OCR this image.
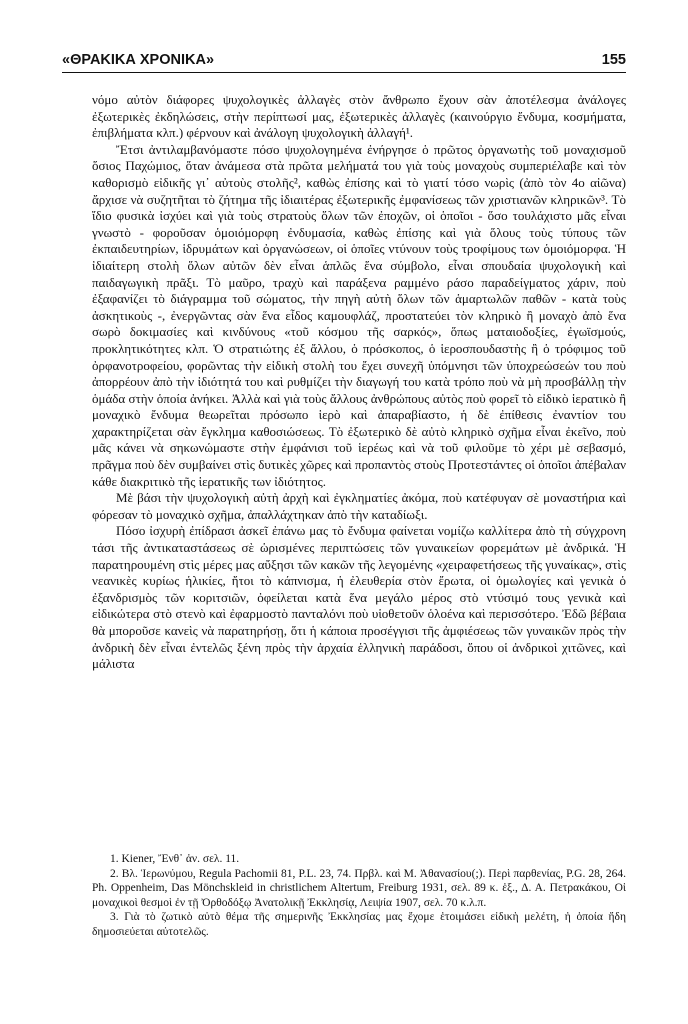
«ΘΡΑΚΙΚΑ ΧΡΟΝΙΚΑ»	155

νόμο αὐτὸν διάφορες ψυχολογικὲς ἀλλαγὲς στὸν ἄνθρωπο ἔχουν σὰν ἀποτέλεσμα ἀνάλογες ἐξωτερικὲς ἐκδηλώσεις, στὴν περίπτωσί μας, ἐξωτερικὲς ἀλλαγὲς (καινούργιο ἔνδυμα, κοσμήματα, ἐπιβλήματα κλπ.) φέρνουν καὶ ἀνάλογη ψυχολογικὴ ἀλλαγή¹.

Ἔτσι ἀντιλαμβανόμαστε πόσο ψυχολογημένα ἐνήργησε ὁ πρῶτος ὀργανωτὴς τοῦ μοναχισμοῦ ὅσιος Παχώμιος, ὅταν ἀνάμεσα στὰ πρῶτα μελήματά του γιὰ τοὺς μοναχοὺς συμπεριέλαβε καὶ τὸν καθορισμὸ εἰδικῆς γι᾿ αὐτοὺς στολῆς², καθὼς ἐπίσης καὶ τὸ γιατί τόσο νωρὶς (ἀπὸ τὸν 4ο αἰῶνα) ἄρχισε νὰ συζητῆται τὸ ζήτημα τῆς ἰδιαιτέρας ἐξωτερικῆς ἐμφανίσεως τῶν χριστιανῶν κληρικῶν³. Τὸ ἴδιο φυσικὰ ἰσχύει καὶ γιὰ τοὺς στρατοὺς ὅλων τῶν ἐποχῶν, οἱ ὁποῖοι - ὅσο τουλάχιστο μᾶς εἶναι γνωστὸ - φοροῦσαν ὁμοιόμορφη ἐνδυμασία, καθὼς ἐπίσης καὶ γιὰ ὅλους τοὺς τύπους τῶν ἐκπαιδευτηρίων, ἱδρυμάτων καὶ ὀργανώσεων, οἱ ὁποῖες ντύνουν τοὺς τροφίμους των ὁμοιόμορφα. Ἡ ἰδιαίτερη στολὴ ὅλων αὐτῶν δὲν εἶναι ἁπλῶς ἕνα σύμβολο, εἶναι σπουδαία ψυχολογικὴ καὶ παιδαγωγικὴ πρᾶξι. Τὸ μαῦρο, τραχὺ καὶ παράξενα ραμμένο ράσο παραδείγματος χάριν, ποὺ ἐξαφανίζει τὸ διάγραμμα τοῦ σώματος, τὴν πηγὴ αὐτὴ ὅλων τῶν ἁμαρτωλῶν παθῶν - κατὰ τοὺς ἀσκητικοὺς -, ἐνεργῶντας σὰν ἕνα εἶδος καμουφλάζ, προστατεύει τὸν κληρικὸ ἢ μοναχὸ ἀπὸ ἕνα σωρὸ δοκιμασίες καὶ κινδύνους «τοῦ κόσμου τῆς σαρκός», ὅπως ματαιοδοξίες, ἐγωϊσμούς, προκλητικότητες κλπ. Ὁ στρατιώτης ἐξ ἄλλου, ὁ πρόσκοπος, ὁ ἱεροσπουδαστὴς ἢ ὁ τρόφιμος τοῦ ὀρφανοτροφείου, φορῶντας τὴν εἰδικὴ στολὴ του ἔχει συνεχῆ ὑπόμνησι τῶν ὑποχρεώσεών του ποὺ ἀπορρέουν ἀπὸ τὴν ἰδιότητά του καὶ ρυθμίζει τὴν διαγωγή του κατὰ τρόπο ποὺ νὰ μὴ προσβάλλῃ τὴν ὁμάδα στὴν ὁποία ἀνήκει. Ἀλλὰ καὶ γιὰ τοὺς ἄλλους ἀνθρώπους αὐτὸς ποὺ φορεῖ τὸ εἰδικὸ ἱερατικὸ ἢ μοναχικὸ ἔνδυμα θεωρεῖται πρόσωπο ἱερὸ καὶ ἀπαραβίαστο, ἡ δὲ ἐπίθεσις ἐναντίον του χαρακτηρίζεται σὰν ἔγκλημα καθοσιώσεως. Τὸ ἐξωτερικὸ δὲ αὐτὸ κληρικὸ σχῆμα εἶναι ἐκεῖνο, ποὺ μᾶς κάνει νὰ σηκωνώμαστε στὴν ἐμφάνισι τοῦ ἱερέως καὶ νὰ τοῦ φιλοῦμε τὸ χέρι μὲ σεβασμό, πρᾶγμα ποὺ δὲν συμβαίνει στὶς δυτικὲς χῶρες καὶ προπαντὸς στοὺς Προτεστάντες οἱ ὁποῖοι ἀπέβαλαν κάθε διακριτικὸ τῆς ἱερατικῆς των ἰδιότητος.

Μὲ βάσι τὴν ψυχολογικὴ αὐτὴ ἀρχὴ καὶ ἐγκληματίες ἀκόμα, ποὺ κατέφυγαν σὲ μοναστήρια καὶ φόρεσαν τὸ μοναχικὸ σχῆμα, ἀπαλλάχτηκαν ἀπὸ τὴν καταδίωξι.

Πόσο ἰσχυρὴ ἐπίδρασι ἀσκεῖ ἐπάνω μας τὸ ἔνδυμα φαίνεται νομίζω καλλίτερα ἀπὸ τὴ σύγχρονη τάσι τῆς ἀντικαταστάσεως σὲ ὡρισμένες περιπτώσεις τῶν γυναικείων φορεμάτων μὲ ἀνδρικά. Ἡ παρατηρουμένη στὶς μέρες μας αὔξησι τῶν κακῶν τῆς λεγομένης «χειραφετήσεως τῆς γυναίκας», στὶς νεανικὲς κυρίως ἡλικίες, ἤτοι τὸ κάπνισμα, ἡ ἐλευθερία στὸν ἔρωτα, οἱ ὁμωλογίες καὶ γενικὰ ὁ ἐξανδρισμὸς τῶν κοριτσιῶν, ὀφείλεται κατὰ ἕνα μεγάλο μέρος στὸ ντύσιμό τους γενικὰ καὶ εἰδικώτερα στὸ στενὸ καὶ ἐφαρμοστὸ πανταλόνι ποὺ υἱοθετοῦν ὁλοένα καὶ περισσότερο. Ἐδῶ βέβαια θὰ μποροῦσε κανεὶς νὰ παρατηρήσῃ, ὅτι ἡ κάποια προσέγγισι τῆς ἀμφιέσεως τῶν γυναικῶν πρὸς τὴν ἀνδρικὴ δὲν εἶναι ἐντελῶς ξένη πρὸς τὴν ἀρχαία ἑλληνικὴ παράδοσι, ὅπου οἱ ἀνδρικοὶ χιτῶνες, καὶ μάλιστα

1. Kiener, Ἔνθ᾿ ἀν. σελ. 11.

2. Βλ. Ἱερωνύμου, Regula Pachomii 81, P.L. 23, 74. Πρβλ. καὶ Μ. Ἀθανασίου(;). Περὶ παρθενίας, P.G. 28, 264. Ph. Oppenheim, Das Mönchskleid in christlichem Altertum, Freiburg 1931, σελ. 89 κ. ἑξ., Δ. Α. Πετρακάκου, Οἱ μοναχικοὶ θεσμοὶ ἐν τῇ Ὀρθοδόξῳ Ἀνατολικῇ Ἐκκλησίᾳ, Λειψία 1907, σελ. 70 κ.λ.π.

3. Γιὰ τὸ ζωτικὸ αὐτὸ θέμα τῆς σημερινῆς Ἐκκλησίας μας ἔχομε ἑτοιμάσει εἰδικὴ μελέτη, ἡ ὁποία ἤδη δημοσιεύεται αὐτοτελῶς.
